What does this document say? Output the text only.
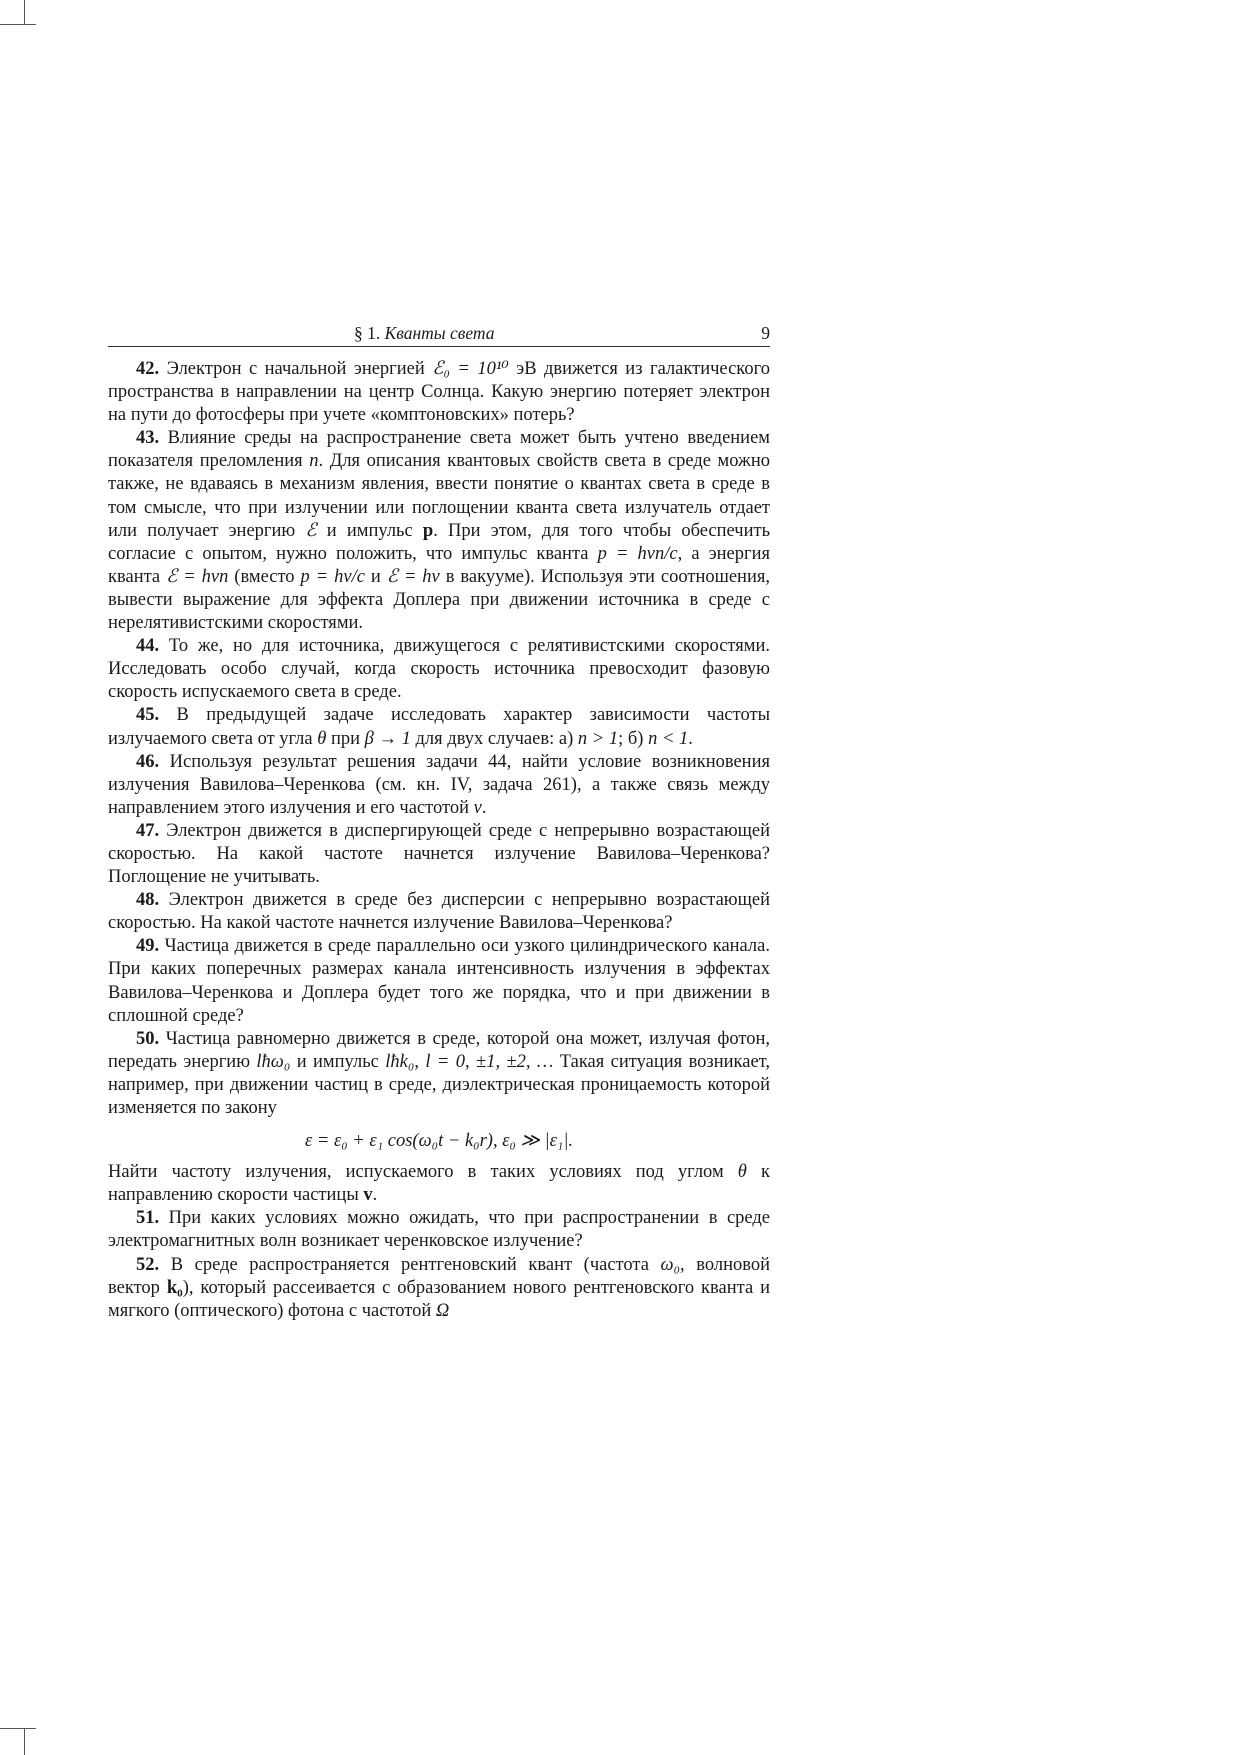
§ 1. Кванты света	9

42. Электрон с начальной энергией ℰ₀ = 10¹⁰ эВ движется из галактического пространства в направлении на центр Солнца. Какую энергию потеряет электрон на пути до фотосферы при учете «комптоновских» потерь?

43. Влияние среды на распространение света может быть учтено введением показателя преломления n. Для описания квантовых свойств света в среде можно также, не вдаваясь в механизм явления, ввести понятие о квантах света в среде в том смысле, что при излучении или поглощении кванта света излучатель отдает или получает энергию ℰ и импульс p. При этом, для того чтобы обеспечить согласие с опытом, нужно положить, что импульс кванта p = hνn/c, а энергия кванта ℰ = hνn (вместо p = hν/c и ℰ = hν в вакууме). Используя эти соотношения, вывести выражение для эффекта Доплера при движении источника в среде с нерелятивистскими скоростями.

44. То же, но для источника, движущегося с релятивистскими скоростями. Исследовать особо случай, когда скорость источника превосходит фазовую скорость испускаемого света в среде.

45. В предыдущей задаче исследовать характер зависимости частоты излучаемого света от угла θ при β → 1 для двух случаев: а) n > 1; б) n < 1.

46. Используя результат решения задачи 44, найти условие возникновения излучения Вавилова–Черенкова (см. кн. IV, задача 261), а также связь между направлением этого излучения и его частотой ν.

47. Электрон движется в диспергирующей среде с непрерывно возрастающей скоростью. На какой частоте начнется излучение Вавилова–Черенкова? Поглощение не учитывать.

48. Электрон движется в среде без дисперсии с непрерывно возрастающей скоростью. На какой частоте начнется излучение Вавилова–Черенкова?

49. Частица движется в среде параллельно оси узкого цилиндрического канала. При каких поперечных размерах канала интенсивность излучения в эффектах Вавилова–Черенкова и Доплера будет того же порядка, что и при движении в сплошной среде?

50. Частица равномерно движется в среде, которой она может, излучая фотон, передать энергию lħω₀ и импульс lħk₀, l = 0, ±1, ±2, … Такая ситуация возникает, например, при движении частиц в среде, диэлектрическая проницаемость которой изменяется по закону

ε = ε₀ + ε₁ cos(ω₀t − k₀r), ε₀ ≫ |ε₁|.

Найти частоту излучения, испускаемого в таких условиях под углом θ к направлению скорости частицы v.

51. При каких условиях можно ожидать, что при распространении в среде электромагнитных волн возникает черенковское излучение?

52. В среде распространяется рентгеновский квант (частота ω₀, волновой вектор k₀), который рассеивается с образованием нового рентгеновского кванта и мягкого (оптического) фотона с частотой Ω
